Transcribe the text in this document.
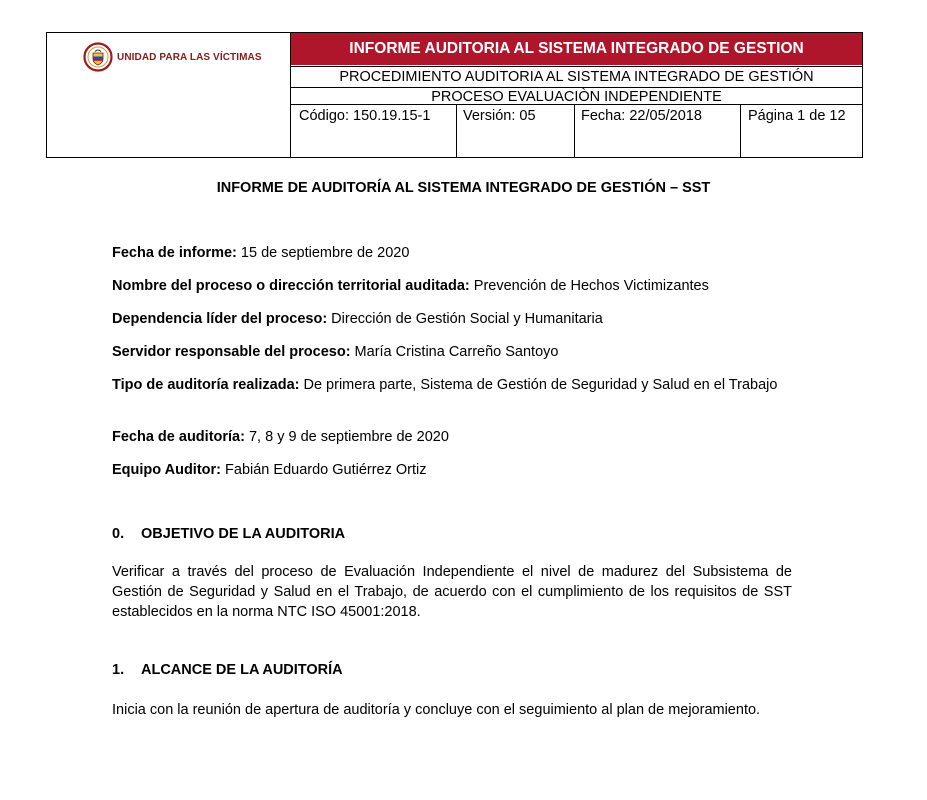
UNIDAD PARA LAS VÍCTIMAS	INFORME AUDITORIA AL SISTEMA INTEGRADO DE GESTION
PROCEDIMIENTO AUDITORIA AL SISTEMA INTEGRADO DE GESTIÓN
PROCESO EVALUACIÒN INDEPENDIENTE
Código: 150.19.15-1	Versión: 05	Fecha: 22/05/2018	Página 1 de 12
INFORME DE AUDITORÍA AL SISTEMA INTEGRADO DE GESTIÓN – SST
Fecha de informe: 15 de septiembre de 2020
Nombre del proceso o dirección territorial auditada: Prevención de Hechos Victimizantes
Dependencia líder del proceso: Dirección de Gestión Social y Humanitaria
Servidor responsable del proceso: María Cristina Carreño Santoyo
Tipo de auditoría realizada: De primera parte, Sistema de Gestión de Seguridad y Salud en el Trabajo
Fecha de auditoría: 7, 8 y 9 de septiembre de 2020
Equipo Auditor: Fabián Eduardo Gutiérrez Ortiz
0. OBJETIVO DE LA AUDITORIA
Verificar a través del proceso de Evaluación Independiente el nivel de madurez del Subsistema de Gestión de Seguridad y Salud en el Trabajo, de acuerdo con el cumplimiento de los requisitos de SST establecidos en la norma NTC ISO 45001:2018.
1. ALCANCE DE LA AUDITORÍA
Inicia con la reunión de apertura de auditoría y concluye con el seguimiento al plan de mejoramiento.
